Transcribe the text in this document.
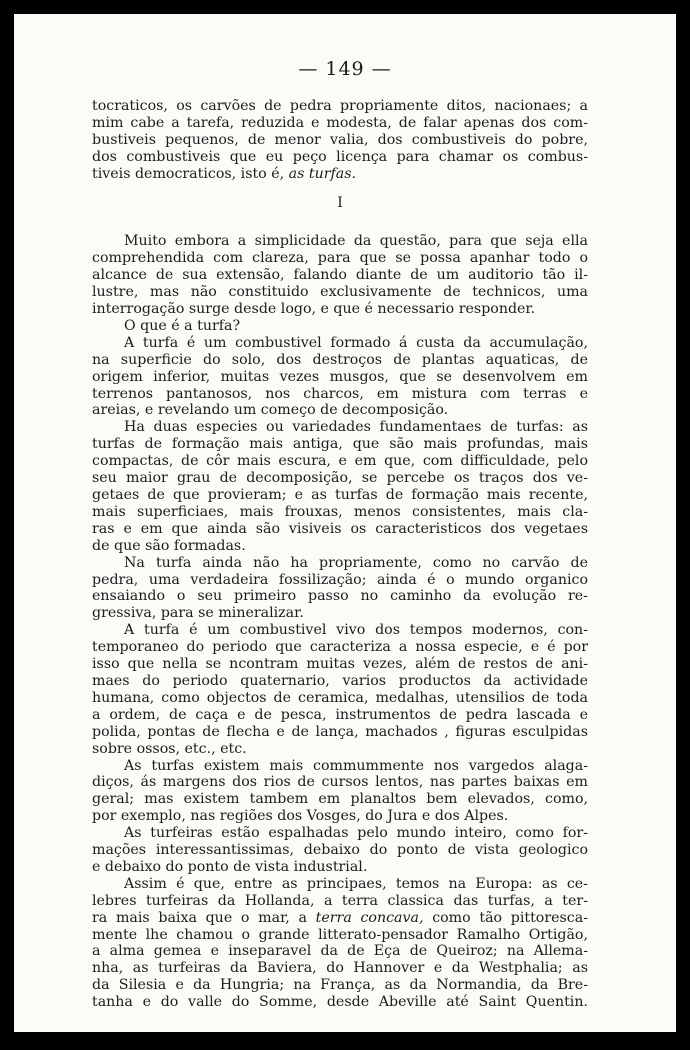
— 149 —
tocraticos, os carvões de pedra propriamente ditos, nacionaes; a
mim cabe a tarefa, reduzida e modesta, de falar apenas dos com-
bustiveis pequenos, de menor valia, dos combustiveis do pobre,
dos combustiveis que eu peço licença para chamar os combus-
tiveis democraticos, isto é, as turfas.
I
Muito embora a simplicidade da questão, para que seja ella
comprehendida com clareza, para que se possa apanhar todo o
alcance de sua extensão, falando diante de um auditorio tão il-
lustre, mas não constituido exclusivamente de technicos, uma
interrogação surge desde logo, e que é necessario responder.
O que é a turfa?
A turfa é um combustivel formado á custa da accumulação,
na superficie do solo, dos destroços de plantas aquaticas, de
origem inferior, muitas vezes musgos, que se desenvolvem em
terrenos pantanosos, nos charcos, em mistura com terras e
areias, e revelando um começo de decomposição.
Ha duas especies ou variedades fundamentaes de turfas: as
turfas de formação mais antiga, que são mais profundas, mais
compactas, de côr mais escura, e em que, com difficuldade, pelo
seu maior grau de decomposição, se percebe os traços dos ve-
getaes de que provieram; e as turfas de formação mais recente,
mais superficiaes, mais frouxas, menos consistentes, mais cla-
ras e em que ainda são visiveis os caracteristicos dos vegetaes
de que são formadas.
Na turfa ainda não ha propriamente, como no carvão de
pedra, uma verdadeira fossilização; ainda é o mundo organico
ensaiando o seu primeiro passo no caminho da evolução re-
gressiva, para se mineralizar.
A turfa é um combustivel vivo dos tempos modernos, con-
temporaneo do periodo que caracteriza a nossa especie, e é por
isso que nella se ncontram muitas vezes, além de restos de ani-
maes do periodo quaternario, varios productos da actividade
humana, como objectos de ceramica, medalhas, utensilios de toda
a ordem, de caça e de pesca, instrumentos de pedra lascada e
polida, pontas de flecha e de lança, machados , figuras esculpidas
sobre ossos, etc., etc.
As turfas existem mais commummente nos vargedos alaga-
diços, ás margens dos rios de cursos lentos, nas partes baixas em
geral; mas existem tambem em planaltos bem elevados, como,
por exemplo, nas regiões dos Vosges, do Jura e dos Alpes.
As turfeiras estão espalhadas pelo mundo inteiro, como for-
mações interessantissimas, debaixo do ponto de vista geologico
e debaixo do ponto de vista industrial.
Assim é que, entre as principaes, temos na Europa: as ce-
lebres turfeiras da Hollanda, a terra classica das turfas, a ter-
ra mais baixa que o mar, a terra concava, como tão pittoresca-
mente lhe chamou o grande litterato-pensador Ramalho Ortigão,
a alma gemea e inseparavel da de Eça de Queiroz; na Allema-
nha, as turfeiras da Baviera, do Hannover e da Westphalia; as
da Silesia e da Hungria; na França, as da Normandia, da Bre-
tanha e do valle do Somme, desde Abeville até Saint Quentin.
